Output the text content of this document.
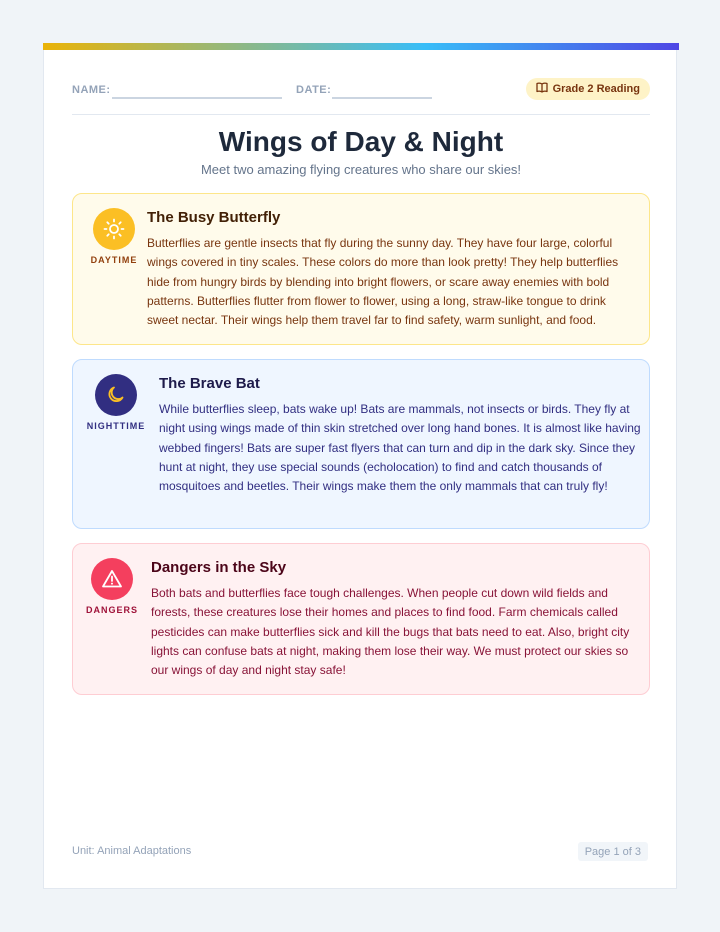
NAME:	DATE:	Grade 2 Reading
Wings of Day & Night
Meet two amazing flying creatures who share our skies!
DAYTIME
The Busy Butterfly

Butterflies are gentle insects that fly during the sunny day. They have four large, colorful wings covered in tiny scales. These colors do more than look pretty! They help butterflies hide from hungry birds by blending into bright flowers, or scare away enemies with bold patterns. Butterflies flutter from flower to flower, using a long, straw-like tongue to drink sweet nectar. Their wings help them travel far to find safety, warm sunlight, and food.

NIGHTTIME
The Brave Bat

While butterflies sleep, bats wake up! Bats are mammals, not insects or birds. They fly at night using wings made of thin skin stretched over long hand bones. It is almost like having webbed fingers! Bats are super fast flyers that can turn and dip in the dark sky. Since they hunt at night, they use special sounds (echolocation) to find and catch thousands of mosquitoes and beetles. Their wings make them the only mammals that can truly fly!

DANGERS
Dangers in the Sky

Both bats and butterflies face tough challenges. When people cut down wild fields and forests, these creatures lose their homes and places to find food. Farm chemicals called pesticides can make butterflies sick and kill the bugs that bats need to eat. Also, bright city lights can confuse bats at night, making them lose their way. We must protect our skies so our wings of day and night stay safe!

Unit: Animal Adaptations	Page 1 of 3
